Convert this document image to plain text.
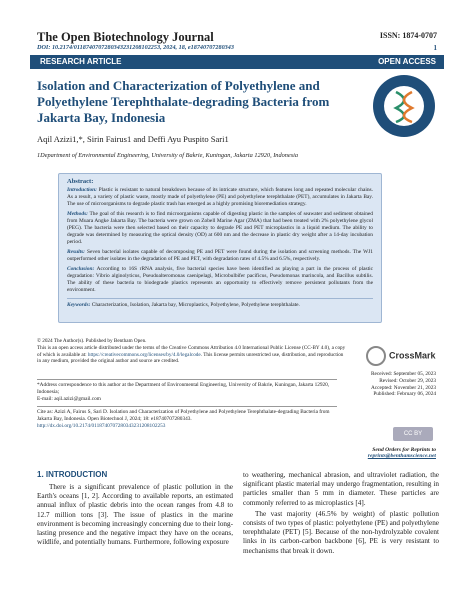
The Open Biotechnology Journal	ISSN: 1874-0707
DOI: 10.2174/0118740707280343231208102253, 2024, 18, e18740707280343	1
RESEARCH ARTICLE	OPEN ACCESS
Isolation and Characterization of Polyethylene and Polyethylene Terephthalate-degrading Bacteria from Jakarta Bay, Indonesia
Aqil Azizi1,*, Sirin Fairus1 and Deffi Ayu Puspito Sari1
1Department of Environmental Engineering, University of Bakrie, Kuningan, Jakarta 12920, Indonesia
Abstract:

Introduction: Plastic is resistant to natural breakdown because of its intricate structure, which features long and repeated molecular chains. As a result, a variety of plastic waste, mostly made of polyethylene (PE) and polyethylene terephthalate (PET), accumulates in Jakarta Bay. The use of microorganisms to degrade plastic trash has emerged as a highly promising bioremediation strategy.

Methods: The goal of this research is to find microorganisms capable of digesting plastic in the samples of seawater and sediment obtained from Muara Angke Jakarta Bay. The bacteria were grown on Zobell Marine Agar (ZMA) that had been treated with 2% polyethylene glycol (PEG). The bacteria were then selected based on their capacity to degrade PE and PET microplastics in a liquid medium. The ability to degrade was determined by measuring the optical density (OD) at 600 nm and the decrease in plastic dry weight after a 14-day incubation period.

Results: Seven bacterial isolates capable of decomposing PE and PET were found during the isolation and screening methods. The WJ1 outperformed other isolates in the degradation of PE and PET, with degradation rates of 4.5% and 6.5%, respectively.

Conclusion: According to 16S rRNA analysis, five bacterial species have been identified as playing a part in the process of plastic degradation: Vibrio alginolyticus, Pseudoalteromonas caenipelagi, Microbulbifer pacificus, Pseudomonas marincola, and Bacillus subtilis. The ability of these bacteria to biodegrade plastics represents an opportunity to effectively remove persistent pollutants from the environment.

Keywords: Characterization, Isolation, Jakarta bay, Microplastics, Polyethylene, Polyethylene terephthalate.

© 2024 The Author(s). Published by Bentham Open.
This is an open access article distributed under the terms of the Creative Commons Attribution 4.0 International Public License (CC-BY 4.0), a copy of which is available at: https://creativecommons.org/licenses/by/4.0/legalcode. This license permits unrestricted use, distribution, and reproduction in any medium, provided the original author and source are credited.
CrossMark
Received: September 05, 2023
Revised: October 29, 2023
Accepted: November 21, 2023
Published: February 06, 2024
CC BY
Send Orders for Reprints to
reprints@benthamscience.net
*Address correspondence to this author at the Department of Environmental Engineering, University of Bakrie, Kuningan, Jakarta 12920, Indonesia;
E-mail: aqil.azizi@gmail.com
Cite as: Azizi A, Fairus S, Sari D. Isolation and Characterization of Polyethylene and Polyethylene Terephthalate-degrading Bacteria from Jakarta Bay, Indonesia. Open Biotechnol J, 2024; 18: e18740707280343.
http://dx.doi.org/10.2174/0118740707280343231208102253
1. INTRODUCTION

There is a significant prevalence of plastic pollution in the Earth's oceans [1, 2]. According to available reports, an estimated annual influx of plastic debris into the ocean ranges from 4.8 to 12.7 million tons [3]. The issue of plastics in the marine environment is becoming increasingly concerning due to their long-lasting presence and the negative impact they have on the oceans, wildlife, and potentially humans. Furthermore, following exposure

to weathering, mechanical abrasion, and ultraviolet radiation, the significant plastic material may undergo fragmentation, resulting in particles smaller than 5 mm in diameter. These particles are commonly referred to as microplastics [4].

The vast majority (46.5% by weight) of plastic pollution consists of two types of plastic: polyethylene (PE) and polyethylene terephthalate (PET) [5]. Because of the non-hydrolyzable covalent links in its carbon-carbon backbone [6], PE is very resistant to mechanisms that break it down.
